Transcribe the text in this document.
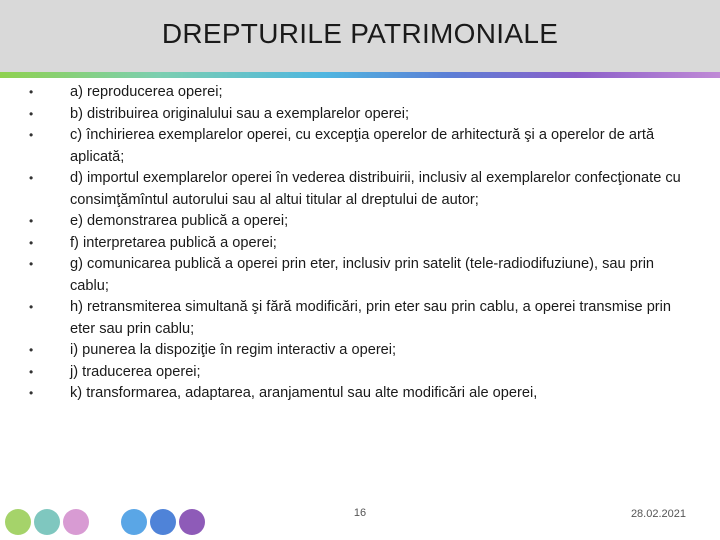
DREPTURILE PATRIMONIALE
•	a) reproducerea operei;
•	b) distribuirea originalului sau a exemplarelor operei;
•	c) închirierea exemplarelor operei, cu excepţia operelor de arhitectură şi a operelor de artă aplicată;
•	d) importul exemplarelor operei în vederea distribuirii, inclusiv al exemplarelor confecţionate cu consimţămîntul autorului sau al altui titular al dreptului de autor;
•	e) demonstrarea publică a operei;
•	f) interpretarea publică a operei;
•	g) comunicarea publică a operei prin eter, inclusiv prin satelit (tele-radiodifuziune), sau prin cablu;
•	h) retransmiterea simultană şi fără modificări, prin eter sau prin cablu, a operei transmise prin eter sau prin cablu;
•	i) punerea la dispoziţie în regim interactiv a operei;
•	j) traducerea operei;
•	k) transformarea, adaptarea, aranjamentul sau alte modificări ale operei,
16	28.02.2021
